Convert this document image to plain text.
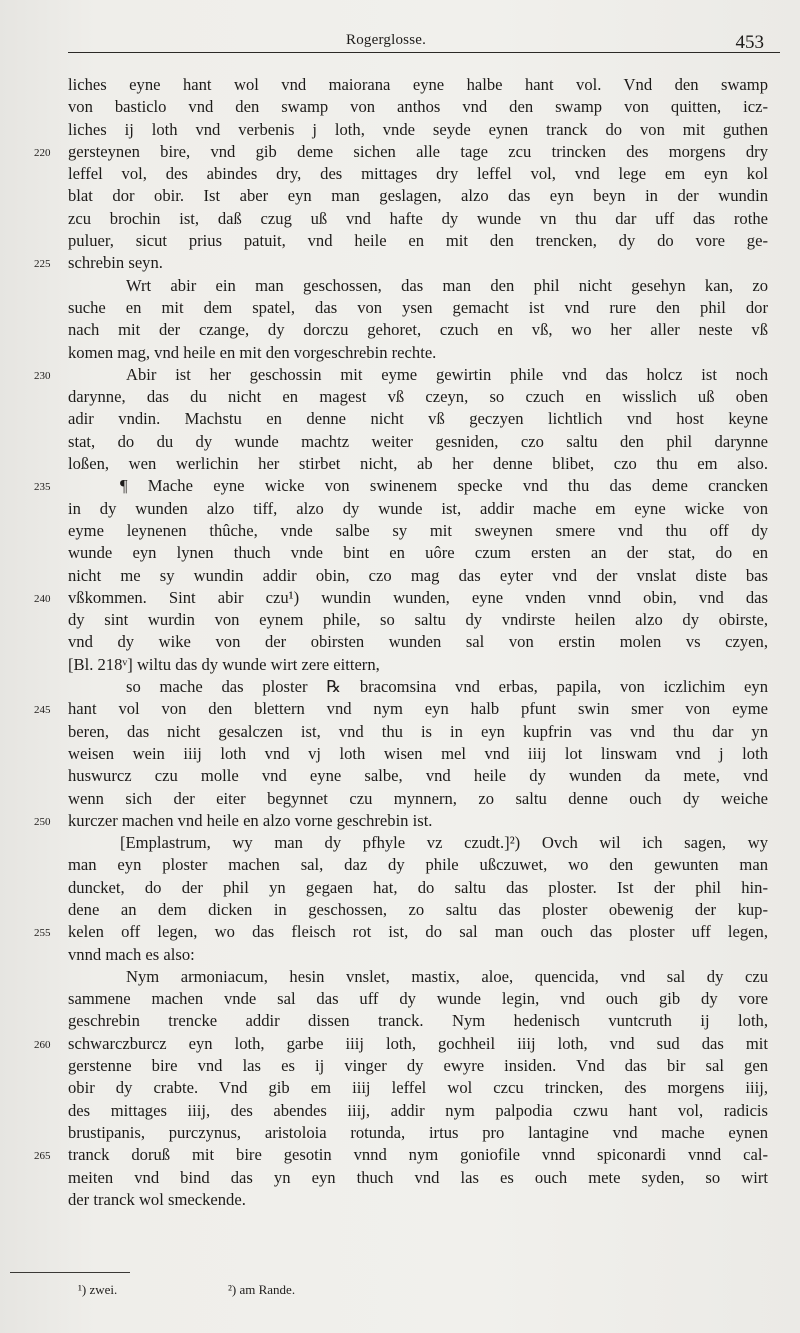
Rogerglosse.	453
liches eyne hant wol vnd maiorana eyne halbe hant vol. Vnd den swamp
von basticlo vnd den swamp von anthos vnd den swamp von quitten, icz-
liches ij loth vnd verbenis j loth, vnde seyde eynen tranck do von mit guthen
220	gersteynen bire, vnd gib deme sichen alle tage zcu trincken des morgens dry
leffel vol, des abindes dry, des mittages dry leffel vol, vnd lege em eyn kol
blat dor obir. Ist aber eyn man geslagen, alzo das eyn beyn in der wundin
zcu brochin ist, daß czug uß vnd hafte dy wunde vn thu dar uff das rothe
puluer, sicut prius patuit, vnd heile en mit den trencken, dy do vore ge-
225	schrebin seyn.
Wrt abir ein man geschossen, das man den phil nicht gesehyn kan, zo
suche en mit dem spatel, das von ysen gemacht ist vnd rure den phil dor
nach mit der czange, dy dorczu gehoret, czuch en vß, wo her aller neste vß
komen mag, vnd heile en mit den vorgeschrebin rechte.
230	Abir ist her geschossin mit eyme gewirtin phile vnd das holcz ist noch
darynne, das du nicht en magest vß czeyn, so czuch en wisslich uß oben
adir vndin. Machstu en denne nicht vß geczyen lichtlich vnd host keyne
stat, do du dy wunde machtz weiter gesniden, czo saltu den phil darynne
loßen, wen werlichin her stirbet nicht, ab her denne blibet, czo thu em also.
235	¶ Mache eyne wicke von swinenem specke vnd thu das deme crancken
in dy wunden alzo tiff, alzo dy wunde ist, addir mache em eyne wicke von
eyme leynenen thûche, vnde salbe sy mit sweynen smere vnd thu off dy
wunde eyn lynen thuch vnde bint en uôre czum ersten an der stat, do en
nicht me sy wundin addir obin, czo mag das eyter vnd der vnslat diste bas
240	vßkommen. Sint abir czu¹) wundin wunden, eyne vnden vnnd obin, vnd das
dy sint wurdin von eynem phile, so saltu dy vndirste heilen alzo dy obirste,
vnd dy wike von der obirsten wunden sal von erstin molen vs czyen,
[Bl. 218ᵛ] wiltu das dy wunde wirt zere eittern,
so mache das ploster ℞ bracomsina vnd erbas, papila, von iczlichim eyn
245	hant vol von den blettern vnd nym eyn halb pfunt swin smer von eyme
beren, das nicht gesalczen ist, vnd thu is in eyn kupfrin vas vnd thu dar yn
weisen wein iiij loth vnd vj loth wisen mel vnd iiij lot linswam vnd j loth
huswurcz czu molle vnd eyne salbe, vnd heile dy wunden da mete, vnd
wenn sich der eiter begynnet czu mynnern, zo saltu denne ouch dy weiche
250	kurczer machen vnd heile en alzo vorne geschrebin ist.
[Emplastrum, wy man dy pfhyle vz czudt.]²) Ovch wil ich sagen, wy
man eyn ploster machen sal, daz dy phile ußczuwet, wo den gewunten man
duncket, do der phil yn gegaen hat, do saltu das ploster. Ist der phil hin-
dene an dem dicken in geschossen, zo saltu das ploster obewenig der kup-
255	kelen off legen, wo das fleisch rot ist, do sal man ouch das ploster uff legen,
vnnd mach es also:
Nym armoniacum, hesin vnslet, mastix, aloe, quencida, vnd sal dy czu
sammene machen vnde sal das uff dy wunde legin, vnd ouch gib dy vore
geschrebin trencke addir dissen tranck. Nym hedenisch vuntcruth ij loth,
260	schwarczburcz eyn loth, garbe iiij loth, gochheil iiij loth, vnd sud das mit
gerstenne bire vnd las es ij vinger dy ewyre insiden. Vnd das bir sal gen
obir dy crabte. Vnd gib em iiij leffel wol czcu trincken, des morgens iiij,
des mittages iiij, des abendes iiij, addir nym palpodia czwu hant vol, radicis
brustipanis, purczynus, aristoloia rotunda, irtus pro lantagine vnd mache eynen
265	tranck doruß mit bire gesotin vnnd nym goniofile vnnd spiconardi vnnd cal-
meiten vnd bind das yn eyn thuch vnd las es ouch mete syden, so wirt
der tranck wol smeckende.
¹) zwei.	²) am Rande.
